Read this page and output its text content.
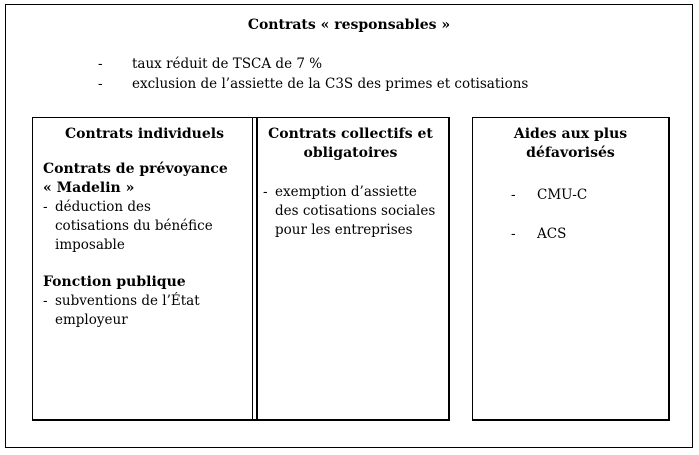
Contrats « responsables »
- taux réduit de TSCA de 7 %
- exclusion de l’assiette de la C3S des primes et cotisations
Contrats individuels
Contrats de prévoyance
« Madelin »
- déduction des
cotisations du bénéfice
imposable
Fonction publique
- subventions de l’État
employeur
Contrats collectifs et
obligatoires
- exemption d’assiette
des cotisations sociales
pour les entreprises
Aides aux plus
défavorisés
- CMU-C
- ACS
